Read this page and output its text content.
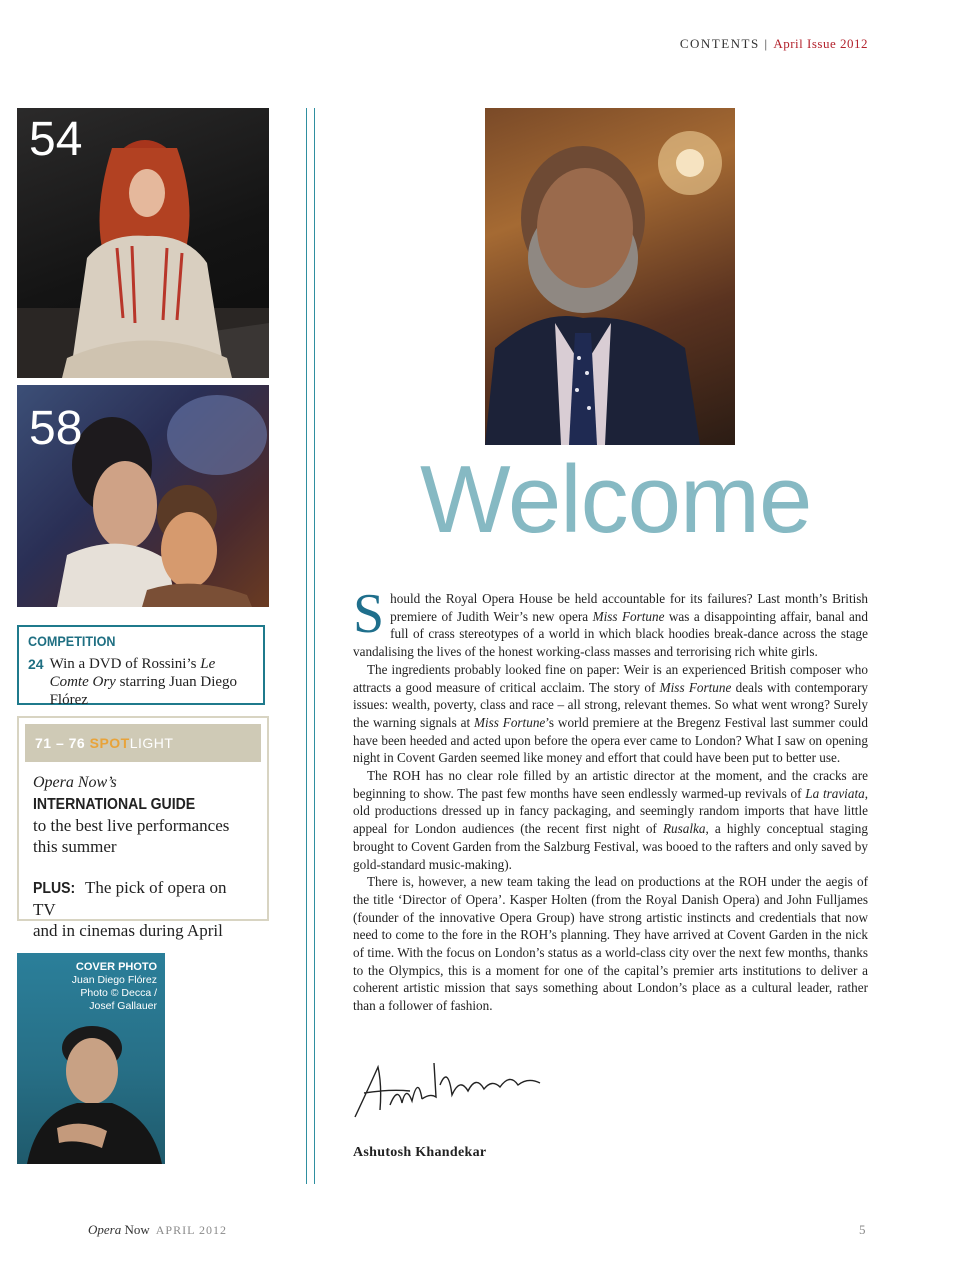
CONTENTS | April Issue 2012
54
58
COMPETITION
24 Win a DVD of Rossini’s Le Comte Ory starring Juan Diego Flórez
71 – 76
SPOT LIGHT
Opera Now’s
INTERNATIONAL GUIDE
to the best live performances
this summer
PLUS: The pick of opera on TV
and in cinemas during April
COVER PHOTO
Juan Diego Flórez
Photo © Decca /
Josef Gallauer
Welcome

Should the Royal Opera House be held accountable for its failures? Last month’s British premiere of Judith Weir’s new opera Miss Fortune was a disappointing affair, banal and full of crass stereotypes of a world in which black hoodies break-dance across the stage vandalising the lives of the honest working-class masses and terrorising rich white girls.

The ingredients probably looked fine on paper: Weir is an experienced British composer who attracts a good measure of critical acclaim. The story of Miss Fortune deals with contemporary issues: wealth, poverty, class and race – all strong, relevant themes. So what went wrong? Surely the warning signals at Miss Fortune’s world premiere at the Bregenz Festival last summer could have been heeded and acted upon before the opera ever came to London? What I saw on opening night in Covent Garden seemed like money and effort that could have been put to better use.

The ROH has no clear role filled by an artistic director at the moment, and the cracks are beginning to show. The past few months have seen endlessly warmed-up revivals of La traviata, old productions dressed up in fancy packaging, and seemingly random imports that have little appeal for London audiences (the recent first night of Rusalka, a highly conceptual staging brought to Covent Garden from the Salzburg Festival, was booed to the rafters and only saved by gold-standard music-making).

There is, however, a new team taking the lead on productions at the ROH under the aegis of the title ‘Director of Opera’. Kasper Holten (from the Royal Danish Opera) and John Fulljames (founder of the innovative Opera Group) have strong artistic instincts and credentials that now need to come to the fore in the ROH’s planning. They have arrived at Covent Garden in the nick of time. With the focus on London’s status as a world-class city over the next few months, thanks to the Olympics, this is a moment for one of the capital’s premier arts institutions to deliver a coherent artistic mission that says something about London’s place as a cultural leader, rather than a follower of fashion.

Ashutosh Khandekar
Opera Now APRIL 2012	5
